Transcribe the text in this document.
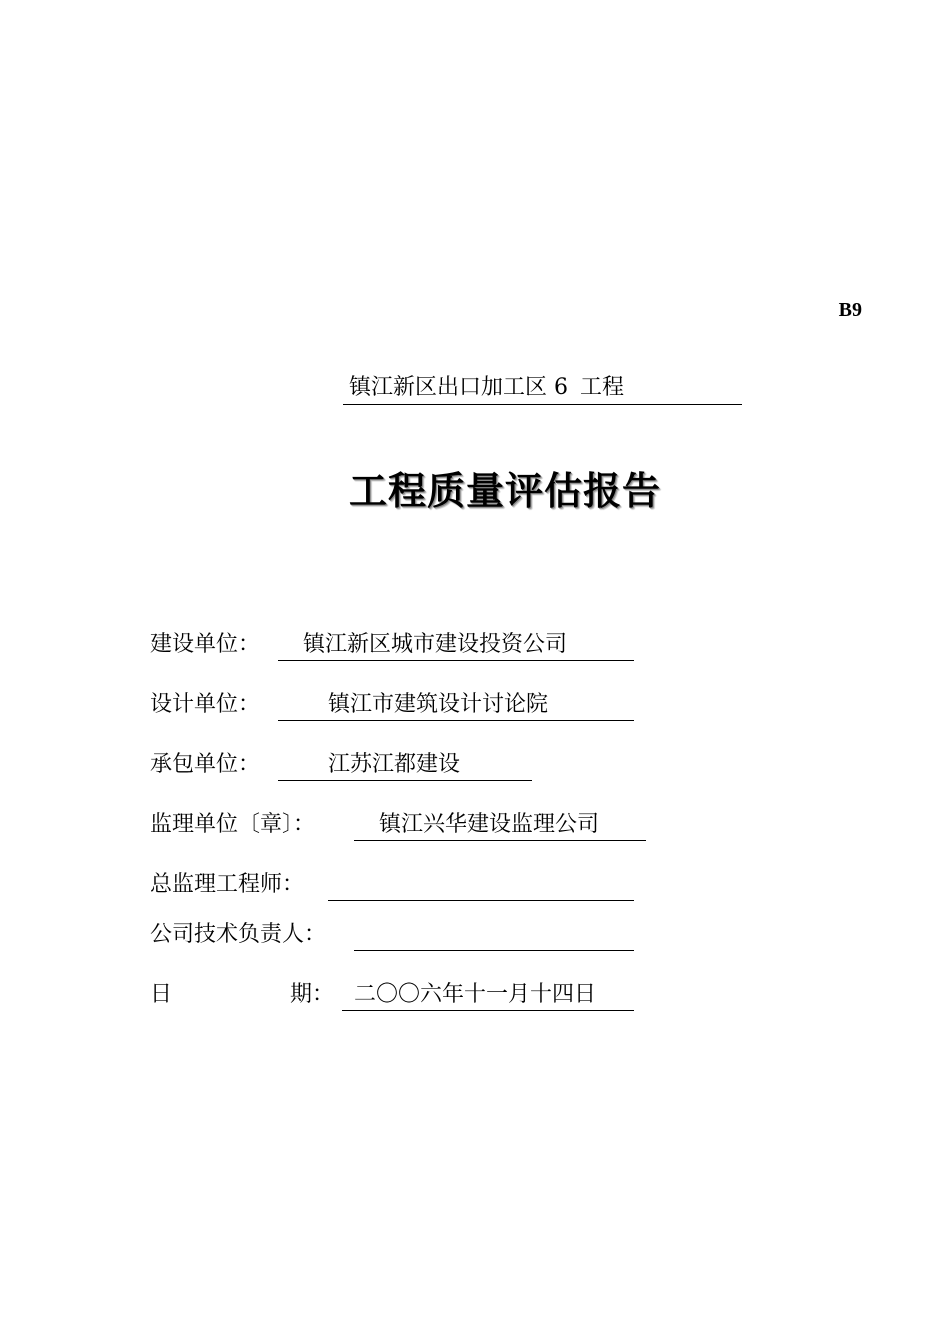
B9
镇江新区出口加工区 6 工程
工程质量评估报告
建设单位： 镇江新区城市建设投资公司
设计单位：	镇江市建筑设计讨论院
承包单位：	江苏江都建设
监理单位〔章〕：	镇江兴华建设监理公司
总监理工程师：
公司技术负责人：
日	期： 二〇〇六年十一月十四日
